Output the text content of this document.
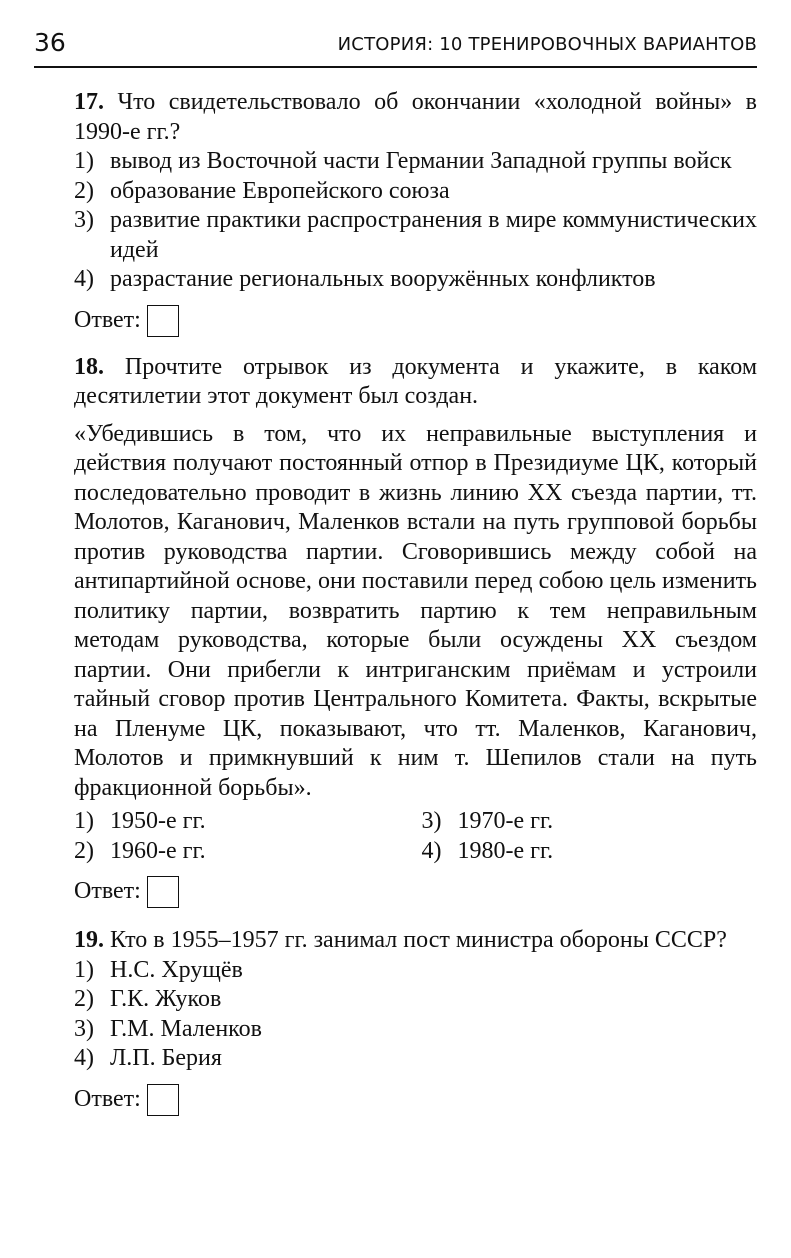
36	ИСТОРИЯ: 10 ТРЕНИРОВОЧНЫХ ВАРИАНТОВ

17. Что свидетельствовало об окончании «холодной войны» в 1990-е гг.?

1) вывод из Восточной части Германии Западной группы войск
2) образование Европейского союза
3) развитие практики распространения в мире коммунистических идей
4) разрастание региональных вооружённых конфликтов
Ответ:

18. Прочтите отрывок из документа и укажите, в каком десятилетии этот документ был создан.

«Убедившись в том, что их неправильные выступления и действия получают постоянный отпор в Президиуме ЦК, который последовательно проводит в жизнь линию XX съезда партии, тт. Молотов, Каганович, Маленков встали на путь групповой борьбы против руководства партии. Сговорившись между собой на антипартийной основе, они поставили перед собою цель изменить политику партии, возвратить партию к тем неправильным методам руководства, которые были осуждены XX съездом партии. Они прибегли к интриганским приёмам и устроили тайный сговор против Центрального Комитета. Факты, вскрытые на Пленуме ЦК, показывают, что тт. Маленков, Каганович, Молотов и примкнувший к ним т. Шепилов стали на путь фракционной борьбы».

1) 1950-е гг.	3) 1970-е гг.
2) 1960-е гг.	4) 1980-е гг.
Ответ:

19. Кто в 1955–1957 гг. занимал пост министра обороны СССР?

1) Н.С. Хрущёв
2) Г.К. Жуков
3) Г.М. Маленков
4) Л.П. Берия
Ответ:
